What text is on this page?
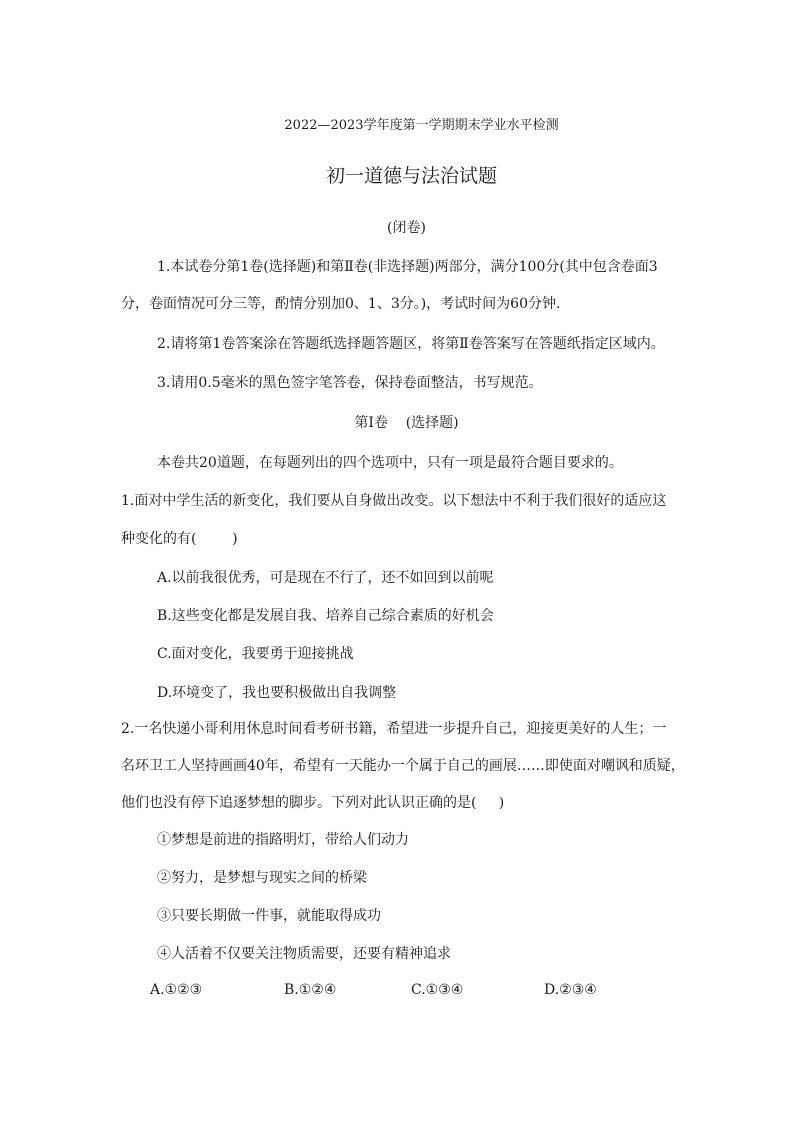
2022—2023学年度第一学期期末学业水平检测
初一道德与法治试题
(闭卷)
1.本试卷分第1卷(选择题)和第Ⅱ卷(非选择题)两部分，满分100分(其中包含卷面3
分，卷面情况可分三等，酌情分别加0、1、3分。)，考试时间为60分钟.
2.请将第1卷答案涂在答题纸选择题答题区，将第Ⅱ卷答案写在答题纸指定区域内。
3.请用0.5毫米的黑色签字笔答卷，保持卷面整洁，书写规范。
第Ⅰ卷    (选择题)
本卷共20道题，在每题列出的四个选项中，只有一项是最符合题目要求的。
1.面对中学生活的新变化，我们要从自身做出改变。以下想法中不利于我们很好的适应这
种变化的有(        )
A.以前我很优秀，可是现在不行了，还不如回到以前呢
B.这些变化都是发展自我、培养自己综合素质的好机会
C.面对变化，我要勇于迎接挑战
D.环境变了，我也要积极做出自我调整
2.一名快递小哥利用休息时间看考研书籍，希望进一步提升自己，迎接更美好的人生；一
名环卫工人坚持画画40年，希望有一天能办一个属于自己的画展……即使面对嘲讽和质疑，
他们也没有停下追逐梦想的脚步。下列对此认识正确的是(     )
①梦想是前进的指路明灯，带给人们动力
②努力，是梦想与现实之间的桥梁
③只要长期做一件事，就能取得成功
④人活着不仅要关注物质需要，还要有精神追求
A.①②③	B.①②④	C.①③④	D.②③④
